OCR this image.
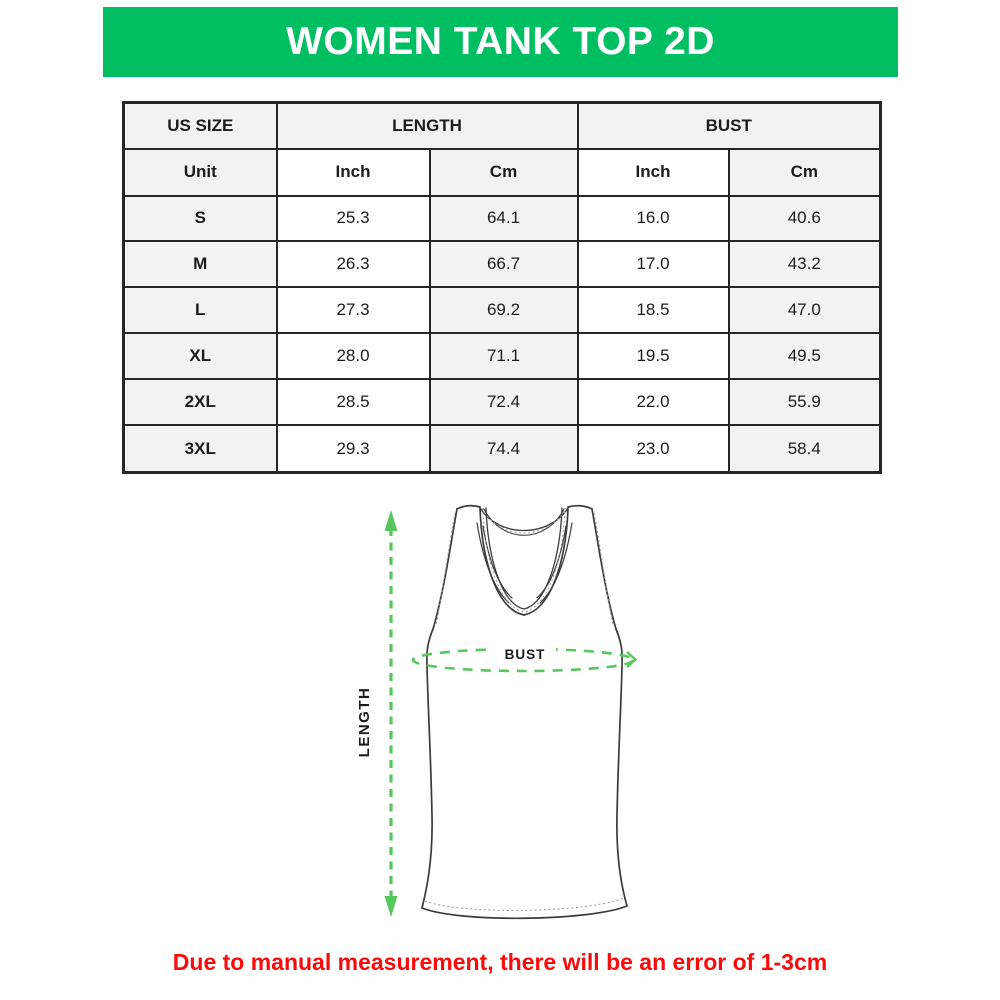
WOMEN TANK TOP 2D
US SIZE	LENGTH		BUST	
Unit	Inch	Cm	Inch	Cm
S	25.3	64.1	16.0	40.6
M	26.3	66.7	17.0	43.2
L	27.3	69.2	18.5	47.0
XL	28.0	71.1	19.5	49.5
2XL	28.5	72.4	22.0	55.9
3XL	29.3	74.4	23.0	58.4
LENGTH
BUST
Due to manual measurement, there will be an error of 1-3cm
